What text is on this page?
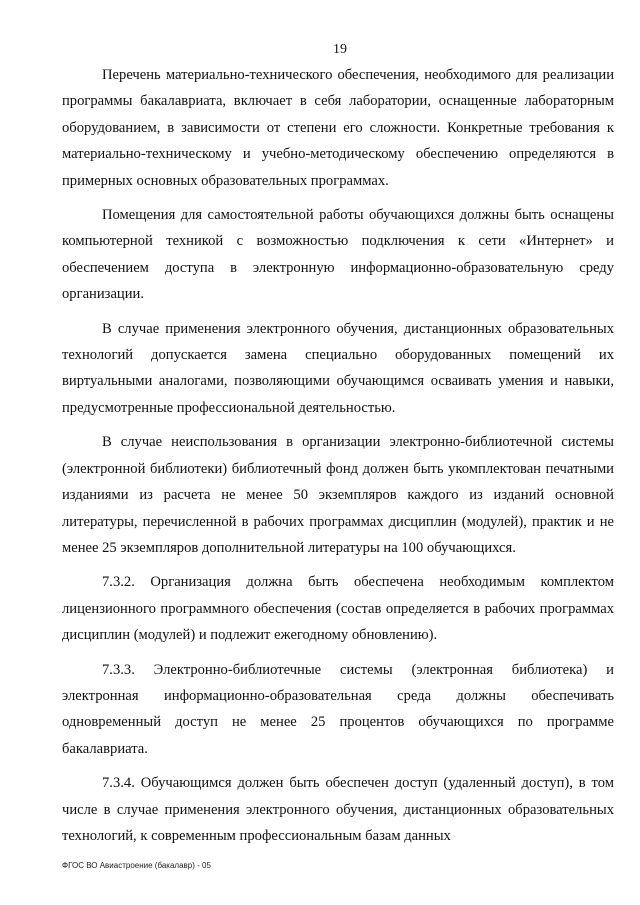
19

Перечень материально-технического обеспечения, необходимого для реализации программы бакалавриата, включает в себя лаборатории, оснащенные лабораторным оборудованием, в зависимости от степени его сложности. Конкретные требования к материально-техническому и учебно-методическому обеспечению определяются в примерных основных образовательных программах.

Помещения для самостоятельной работы обучающихся должны быть оснащены компьютерной техникой с возможностью подключения к сети «Интернет» и обеспечением доступа в электронную информационно-образовательную среду организации.

В случае применения электронного обучения, дистанционных образовательных технологий допускается замена специально оборудованных помещений их виртуальными аналогами, позволяющими обучающимся осваивать умения и навыки, предусмотренные профессиональной деятельностью.

В случае неиспользования в организации электронно-библиотечной системы (электронной библиотеки) библиотечный фонд должен быть укомплектован печатными изданиями из расчета не менее 50 экземпляров каждого из изданий основной литературы, перечисленной в рабочих программах дисциплин (модулей), практик и не менее 25 экземпляров дополнительной литературы на 100 обучающихся.

7.3.2. Организация должна быть обеспечена необходимым комплектом лицензионного программного обеспечения (состав определяется в рабочих программах дисциплин (модулей) и подлежит ежегодному обновлению).

7.3.3. Электронно-библиотечные системы (электронная библиотека) и электронная информационно-образовательная среда должны обеспечивать одновременный доступ не менее 25 процентов обучающихся по программе бакалавриата.

7.3.4. Обучающимся должен быть обеспечен доступ (удаленный доступ), в том числе в случае применения электронного обучения, дистанционных образовательных технологий, к современным профессиональным базам данных

ФГОС ВО Авиастроение (бакалавр) - 05
